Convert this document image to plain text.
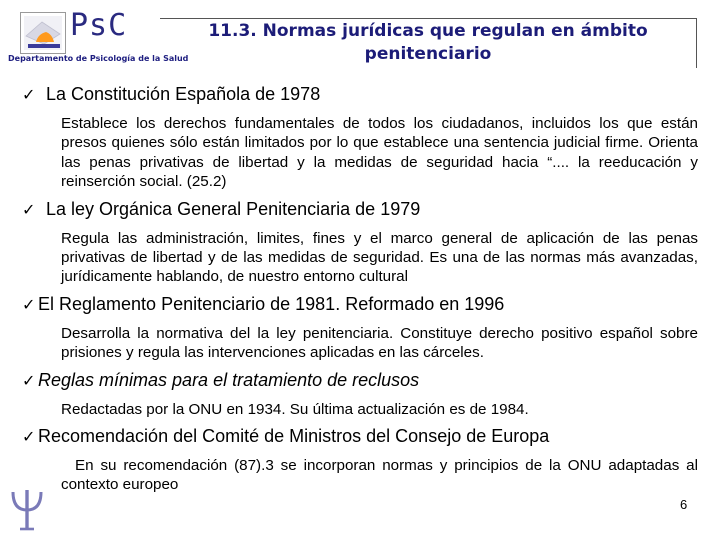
PsC
Departamento de Psicología de la Salud
11.3. Normas jurídicas que regulan en ámbito
penitenciario
✓ La Constitución Española de 1978
Establece los derechos fundamentales de todos los ciudadanos, incluidos los que están presos quienes sólo están limitados por lo que establece una sentencia judicial firme. Orienta las penas privativas de libertad y la medidas de seguridad hacia “.... la reeducación y reinserción social. (25.2)
✓ La ley Orgánica General Penitenciaria de 1979
Regula las administración, limites, fines y el marco general de aplicación de las penas privativas de libertad y de las medidas de seguridad. Es una de las normas más avanzadas, jurídicamente hablando, de nuestro entorno cultural
✓ El Reglamento Penitenciario de 1981. Reformado en 1996
Desarrolla la normativa del la ley penitenciaria. Constituye derecho positivo español sobre prisiones y regula las intervenciones aplicadas en las cárceles.
✓ Reglas mínimas para el tratamiento de reclusos
Redactadas por la ONU en 1934. Su última actualización es de 1984.
✓ Recomendación del Comité de Ministros del Consejo de Europa
En su recomendación (87).3 se incorporan normas y principios de la ONU adaptadas al contexto europeo
6
